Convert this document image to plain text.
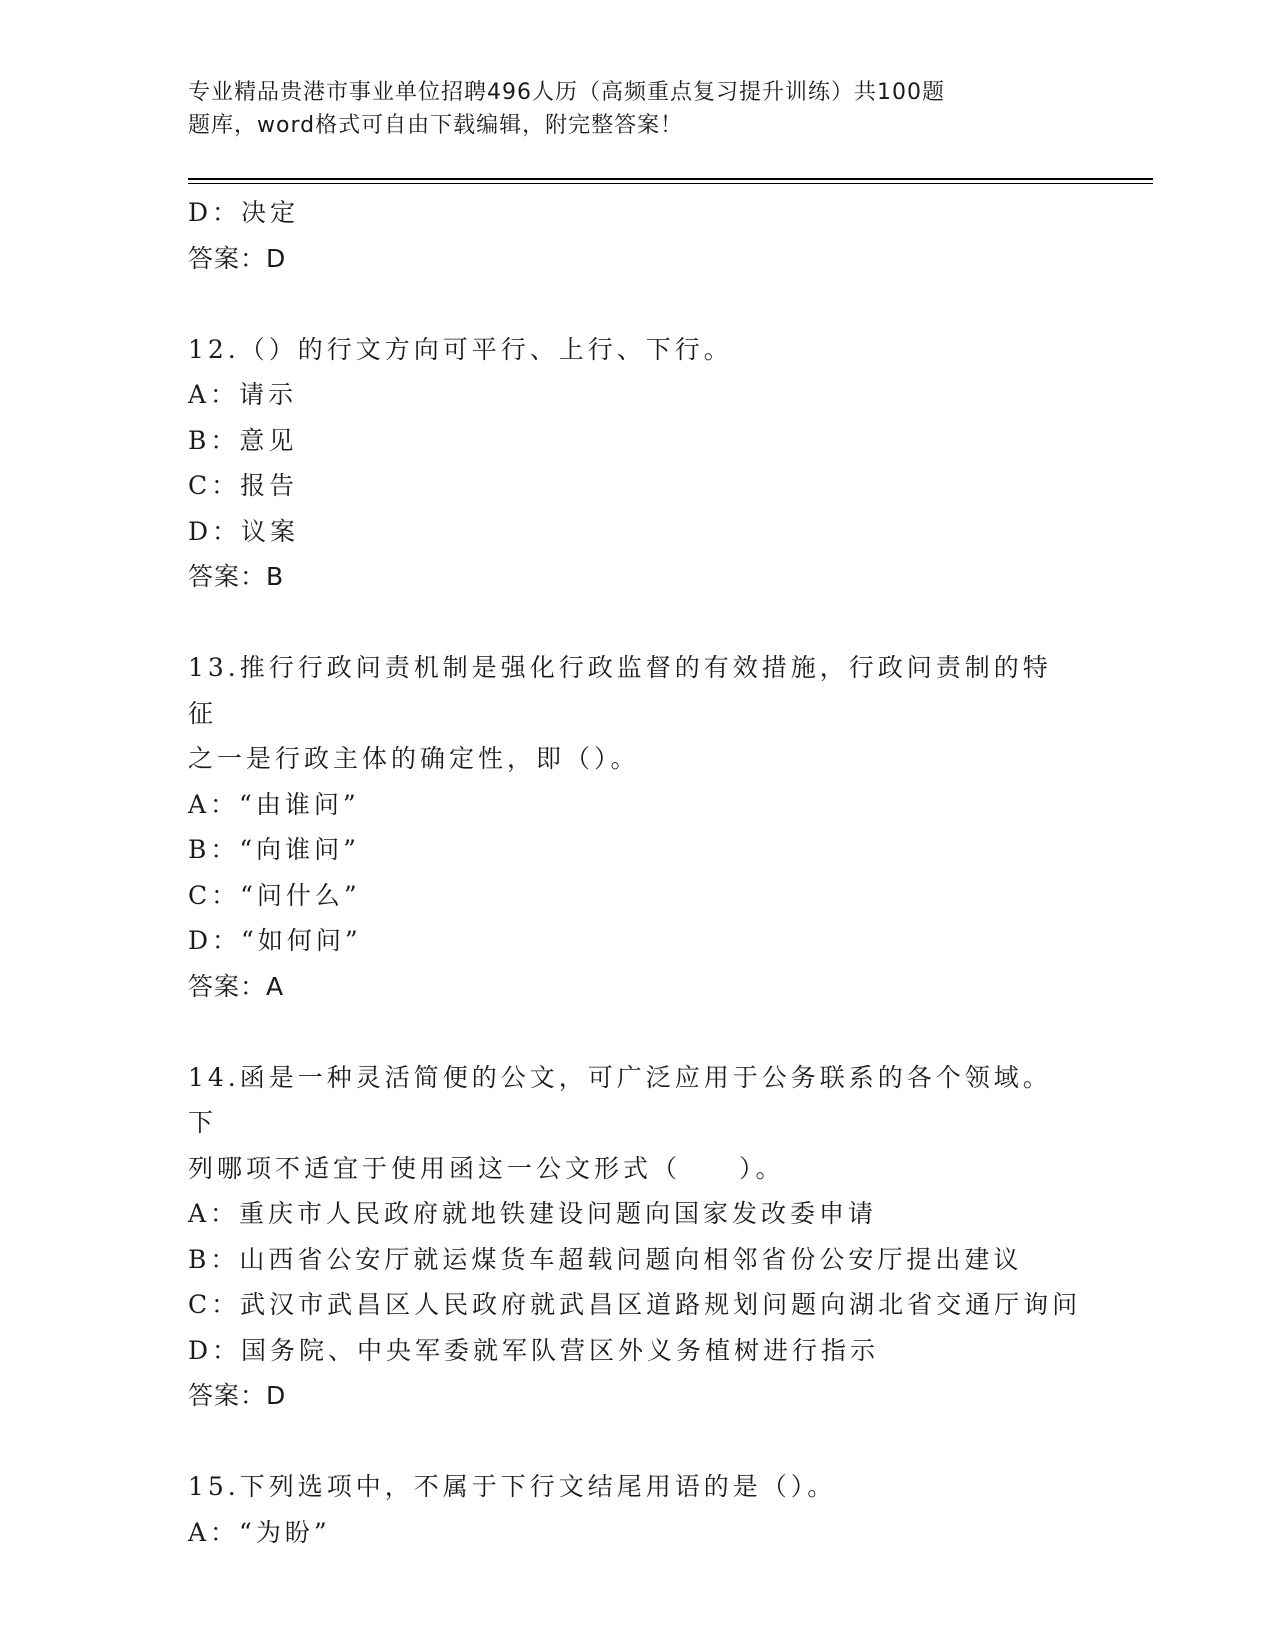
专业精品贵港市事业单位招聘496人历（高频重点复习提升训练）共100题
题库，word格式可自由下载编辑，附完整答案！
D：决定
答案：D
12.（）的行文方向可平行、上行、下行。
A：请示
B：意见
C：报告
D：议案
答案：B
13.推行行政问责机制是强化行政监督的有效措施，行政问责制的特征
之一是行政主体的确定性，即（）。
A：“由谁问”
B：“向谁问”
C：“问什么”
D：“如何问”
答案：A
14.函是一种灵活简便的公文，可广泛应用于公务联系的各个领域。下
列哪项不适宜于使用函这一公文形式（　　）。
A：重庆市人民政府就地铁建设问题向国家发改委申请
B：山西省公安厅就运煤货车超载问题向相邻省份公安厅提出建议
C：武汉市武昌区人民政府就武昌区道路规划问题向湖北省交通厅询问
D：国务院、中央军委就军队营区外义务植树进行指示
答案：D
15.下列选项中，不属于下行文结尾用语的是（）。
A：“为盼”
